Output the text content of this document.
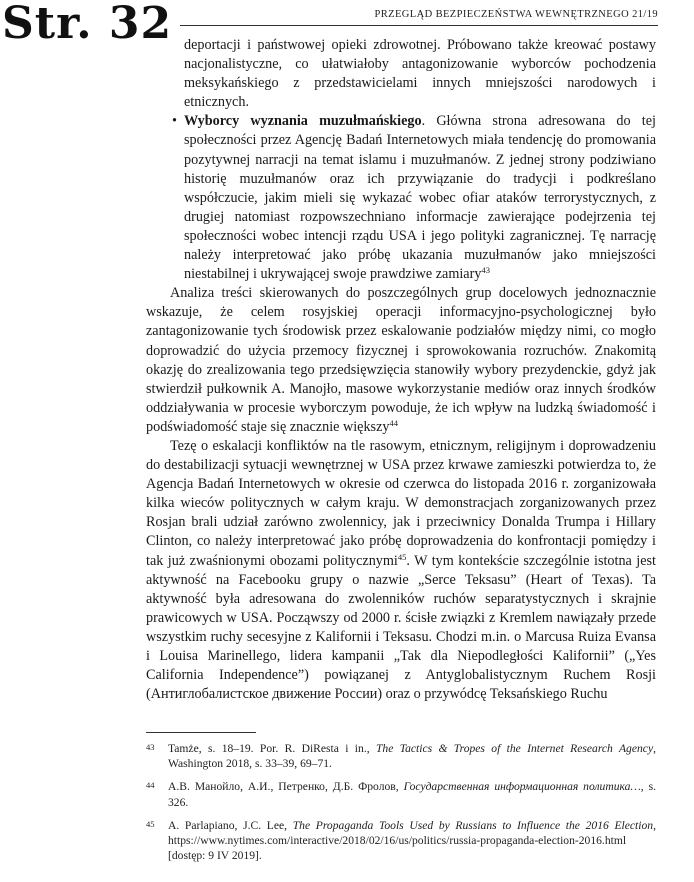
Str. 32	PRZEGLĄD BEZPIECZEŃSTWA WEWNĘTRZNEGO 21/19

deportacji i państwowej opieki zdrowotnej. Próbowano także kreować postawy nacjonalistyczne, co ułatwiałoby antagonizowanie wyborców pochodzenia meksykańskiego z przedstawicielami innych mniejszości narodowych i etnicznych.

• Wyborcy wyznania muzułmańskiego. Główna strona adresowana do tej społeczności przez Agencję Badań Internetowych miała tendencję do promowania pozytywnej narracji na temat islamu i muzułmanów. Z jednej strony podziwiano historię muzułmanów oraz ich przywiązanie do tradycji i podkreślano współczucie, jakim mieli się wykazać wobec ofiar ataków terrorystycznych, z drugiej natomiast rozpowszechniano informacje zawierające podejrzenia tej społeczności wobec intencji rządu USA i jego polityki zagranicznej. Tę narrację należy interpretować jako próbę ukazania muzułmanów jako mniejszości niestabilnej i ukrywającej swoje prawdziwe zamiary$^{43}$

Analiza treści skierowanych do poszczególnych grup docelowych jednoznacznie wskazuje, że celem rosyjskiej operacji informacyjno-psychologicznej było zantagonizowanie tych środowisk przez eskalowanie podziałów między nimi, co mogło doprowadzić do użycia przemocy fizycznej i sprowokowania rozruchów. Znakomitą okazję do zrealizowania tego przedsięwzięcia stanowiły wybory prezydenckie, gdyż jak stwierdził pułkownik A. Manojło, masowe wykorzystanie mediów oraz innych środków oddziaływania w procesie wyborczym powoduje, że ich wpływ na ludzką świadomość i podświadomość staje się znacznie większy$^{44}$

Tezę o eskalacji konfliktów na tle rasowym, etnicznym, religijnym i doprowadzeniu do destabilizacji sytuacji wewnętrznej w USA przez krwawe zamieszki potwierdza to, że Agencja Badań Internetowych w okresie od czerwca do listopada 2016 r. zorganizowała kilka wieców politycznych w całym kraju. W demonstracjach zorganizowanych przez Rosjan brali udział zarówno zwolennicy, jak i przeciwnicy Donalda Trumpa i Hillary Clinton, co należy interpretować jako próbę doprowadzenia do konfrontacji pomiędzy i tak już zwaśnionymi obozami politycznymi$^{45}$. W tym kontekście szczególnie istotna jest aktywność na Facebooku grupy o nazwie „Serce Teksasu” (Heart of Texas). Ta aktywność była adresowana do zwolenników ruchów separatystycznych i skrajnie prawicowych w USA. Począwszy od 2000 r. ścisłe związki z Kremlem nawiązały przede wszystkim ruchy secesyjne z Kalifornii i Teksasu. Chodzi m.in. o Marcusa Ruiza Evansa i Louisa Marinellego, lidera kampanii „Tak dla Niepodległości Kalifornii” („Yes California Independence”) powiązanej z Antyglobalistycznym Ruchem Rosji (Антиглобалистское движение России) oraz o przywódcę Teksańskiego Ruchu

43 Tamże, s. 18–19. Por. R. DiResta i in., The Tactics & Tropes of the Internet Research Agency, Washington 2018, s. 33–39, 69–71.

44 А.В. Манойло, А.И., Петренко, Д.Б. Фролов, Государственная информационная политика…, s. 326.

45 A. Parlapiano, J.C. Lee, The Propaganda Tools Used by Russians to Influence the 2016 Election, https://www.nytimes.com/interactive/2018/02/16/us/politics/russia-propaganda-election-2016.html [dostęp: 9 IV 2019].
